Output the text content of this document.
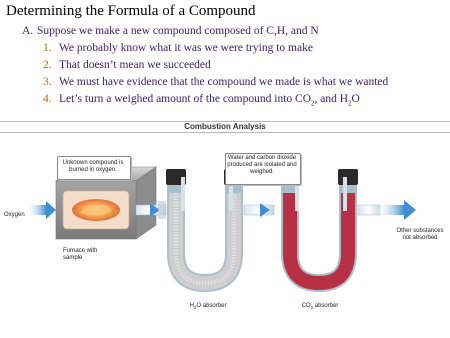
Determining the Formula of a Compound
A. Suppose we make a new compound composed of C,H, and N
1. We probably know what it was we were trying to make
2. That doesn’t mean we succeeded
3. We must have evidence that the compound we made is what we wanted
4. Let’s turn a weighed amount of the compound into $CO_2$, and $H_2O$
Combustion Analysis
Unknown compound is burned in oxygen.
Water and carbon dioxide produced are isolated and weighed.
Oxygen
Furnace with sample
$H_2O$ absorber	$CO_2$ absorber
Other substances not absorbed
